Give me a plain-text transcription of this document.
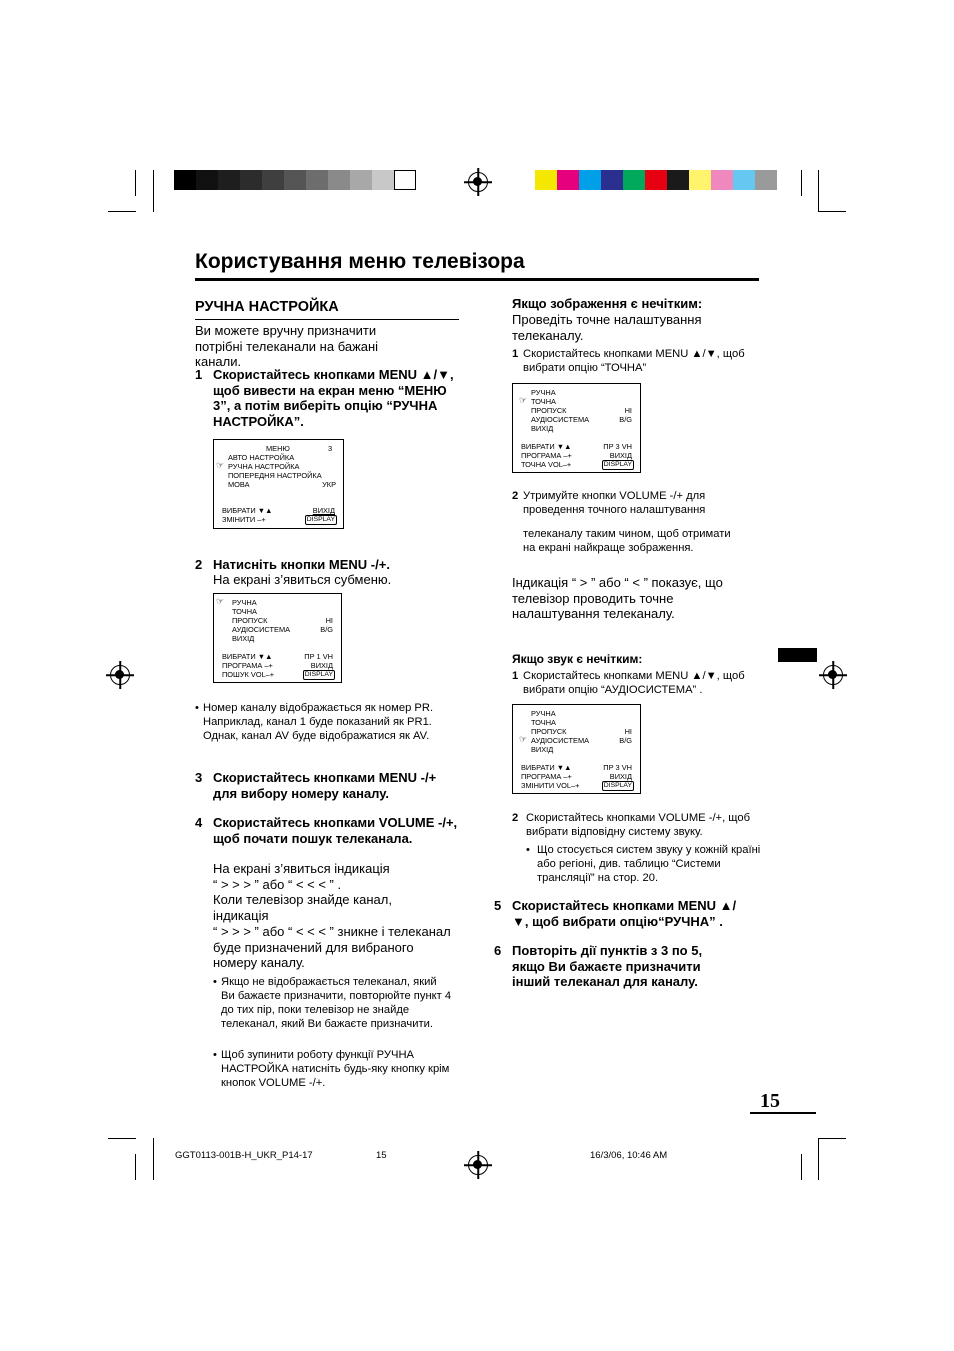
Користування меню телевізора
РУЧНА НАСТРОЙКА
Ви можете вручну призначити потрібні телеканали на бажані канали.
1 Скористайтесь кнопками MENU ▲/▼, щоб вивести на екран меню “МЕНЮ 3”, а потім виберіть опцію “РУЧНА НАСТРОЙКА”.
МЕНЮ	3
АВТО НАСТРОЙКА
☞ РУЧНА НАСТРОЙКА
ПОПЕРЕДНЯ НАСТРОЙКА
МОВА	УКР
ВИБРАТИ ▼▲	ВИХІД
ЗМІНИТИ –+	DISPLAY
2 Натисніть кнопки MENU -/+.
На екрані з’явиться субменю.
☞ РУЧНА
ТОЧНА
ПРОПУСК	НІ
АУДІОСИСТЕМА	B/G
ВИХІД
ВИБРАТИ ▼▲	ПР 1 VH
ПРОГРАМА –+	ВИХІД
ПОШУК VOL–+	DISPLAY
• Номер каналу відображається як номер PR. Наприклад, канал 1 буде показаний як PR1. Однак, канал AV буде відображатися як AV.
3 Скористайтесь кнопками MENU -/+ для вибору номеру каналу.
4 Скористайтесь кнопками VOLUME -/+, щоб почати пошук телеканала.
На екрані з’явиться індикація
“ > > > ” або “ < < < ” .
Коли телевізор знайде канал, індикація
“ > > > ” або “ < < < ” зникне і телеканал буде призначений для вибраного номеру каналу.
• Якщо не відображається телеканал, який Ви бажаєте призначити, повторюйте пункт 4 до тих пір, поки телевізор не знайде телеканал, який Ви бажаєте призначити.
• Щоб зупинити роботу функції РУЧНА НАСТРОЙКА натисніть будь-яку кнопку крім кнопок VOLUME -/+.
Якщо зображення є нечітким:
Проведіть точне налаштування телеканалу.
1 Скористайтесь кнопками MENU ▲/▼, щоб вибрати опцію “ТОЧНА”
РУЧНА
☞ ТОЧНА
ПРОПУСК	НІ
АУДІОСИСТЕМА	B/G
ВИХІД
ВИБРАТИ ▼▲	ПР 3 VH
ПРОГРАМА –+	ВИХІД
ТОЧНА VOL–+	DISPLAY
2 Утримуйте кнопки VOLUME -/+ для проведення точного налаштування
телеканалу таким чином, щоб отримати на екрані найкраще зображення.
Індикація “ > ” або “ < ” показує, що телевізор проводить точне налаштування телеканалу.
Якщо звук є нечітким:
1 Скористайтесь кнопками MENU ▲/▼, щоб вибрати опцію “АУДІОСИСТЕМА” .
РУЧНА
ТОЧНА
ПРОПУСК	НІ
☞ АУДІОСИСТЕМА	B/G
ВИХІД
ВИБРАТИ ▼▲	ПР 3 VH
ПРОГРАМА –+	ВИХІД
ЗМІНИТИ VOL–+	DISPLAY
2 Скористайтесь кнопками VOLUME -/+, щоб вибрати відповідну систему звуку.
• Що стосується систем звуку у кожній країні або регіоні, див. таблицю “Системи трансляції” на стор. 20.
5 Скористайтесь кнопками MENU ▲/▼, щоб вибрати опцію“РУЧНА” .
6 Повторіть дії пунктів з 3 по 5, якщо Ви бажаєте призначити інший телеканал для каналу.
15
GGT0113-001B-H_UKR_P14-17	15	16/3/06, 10:46 AM
